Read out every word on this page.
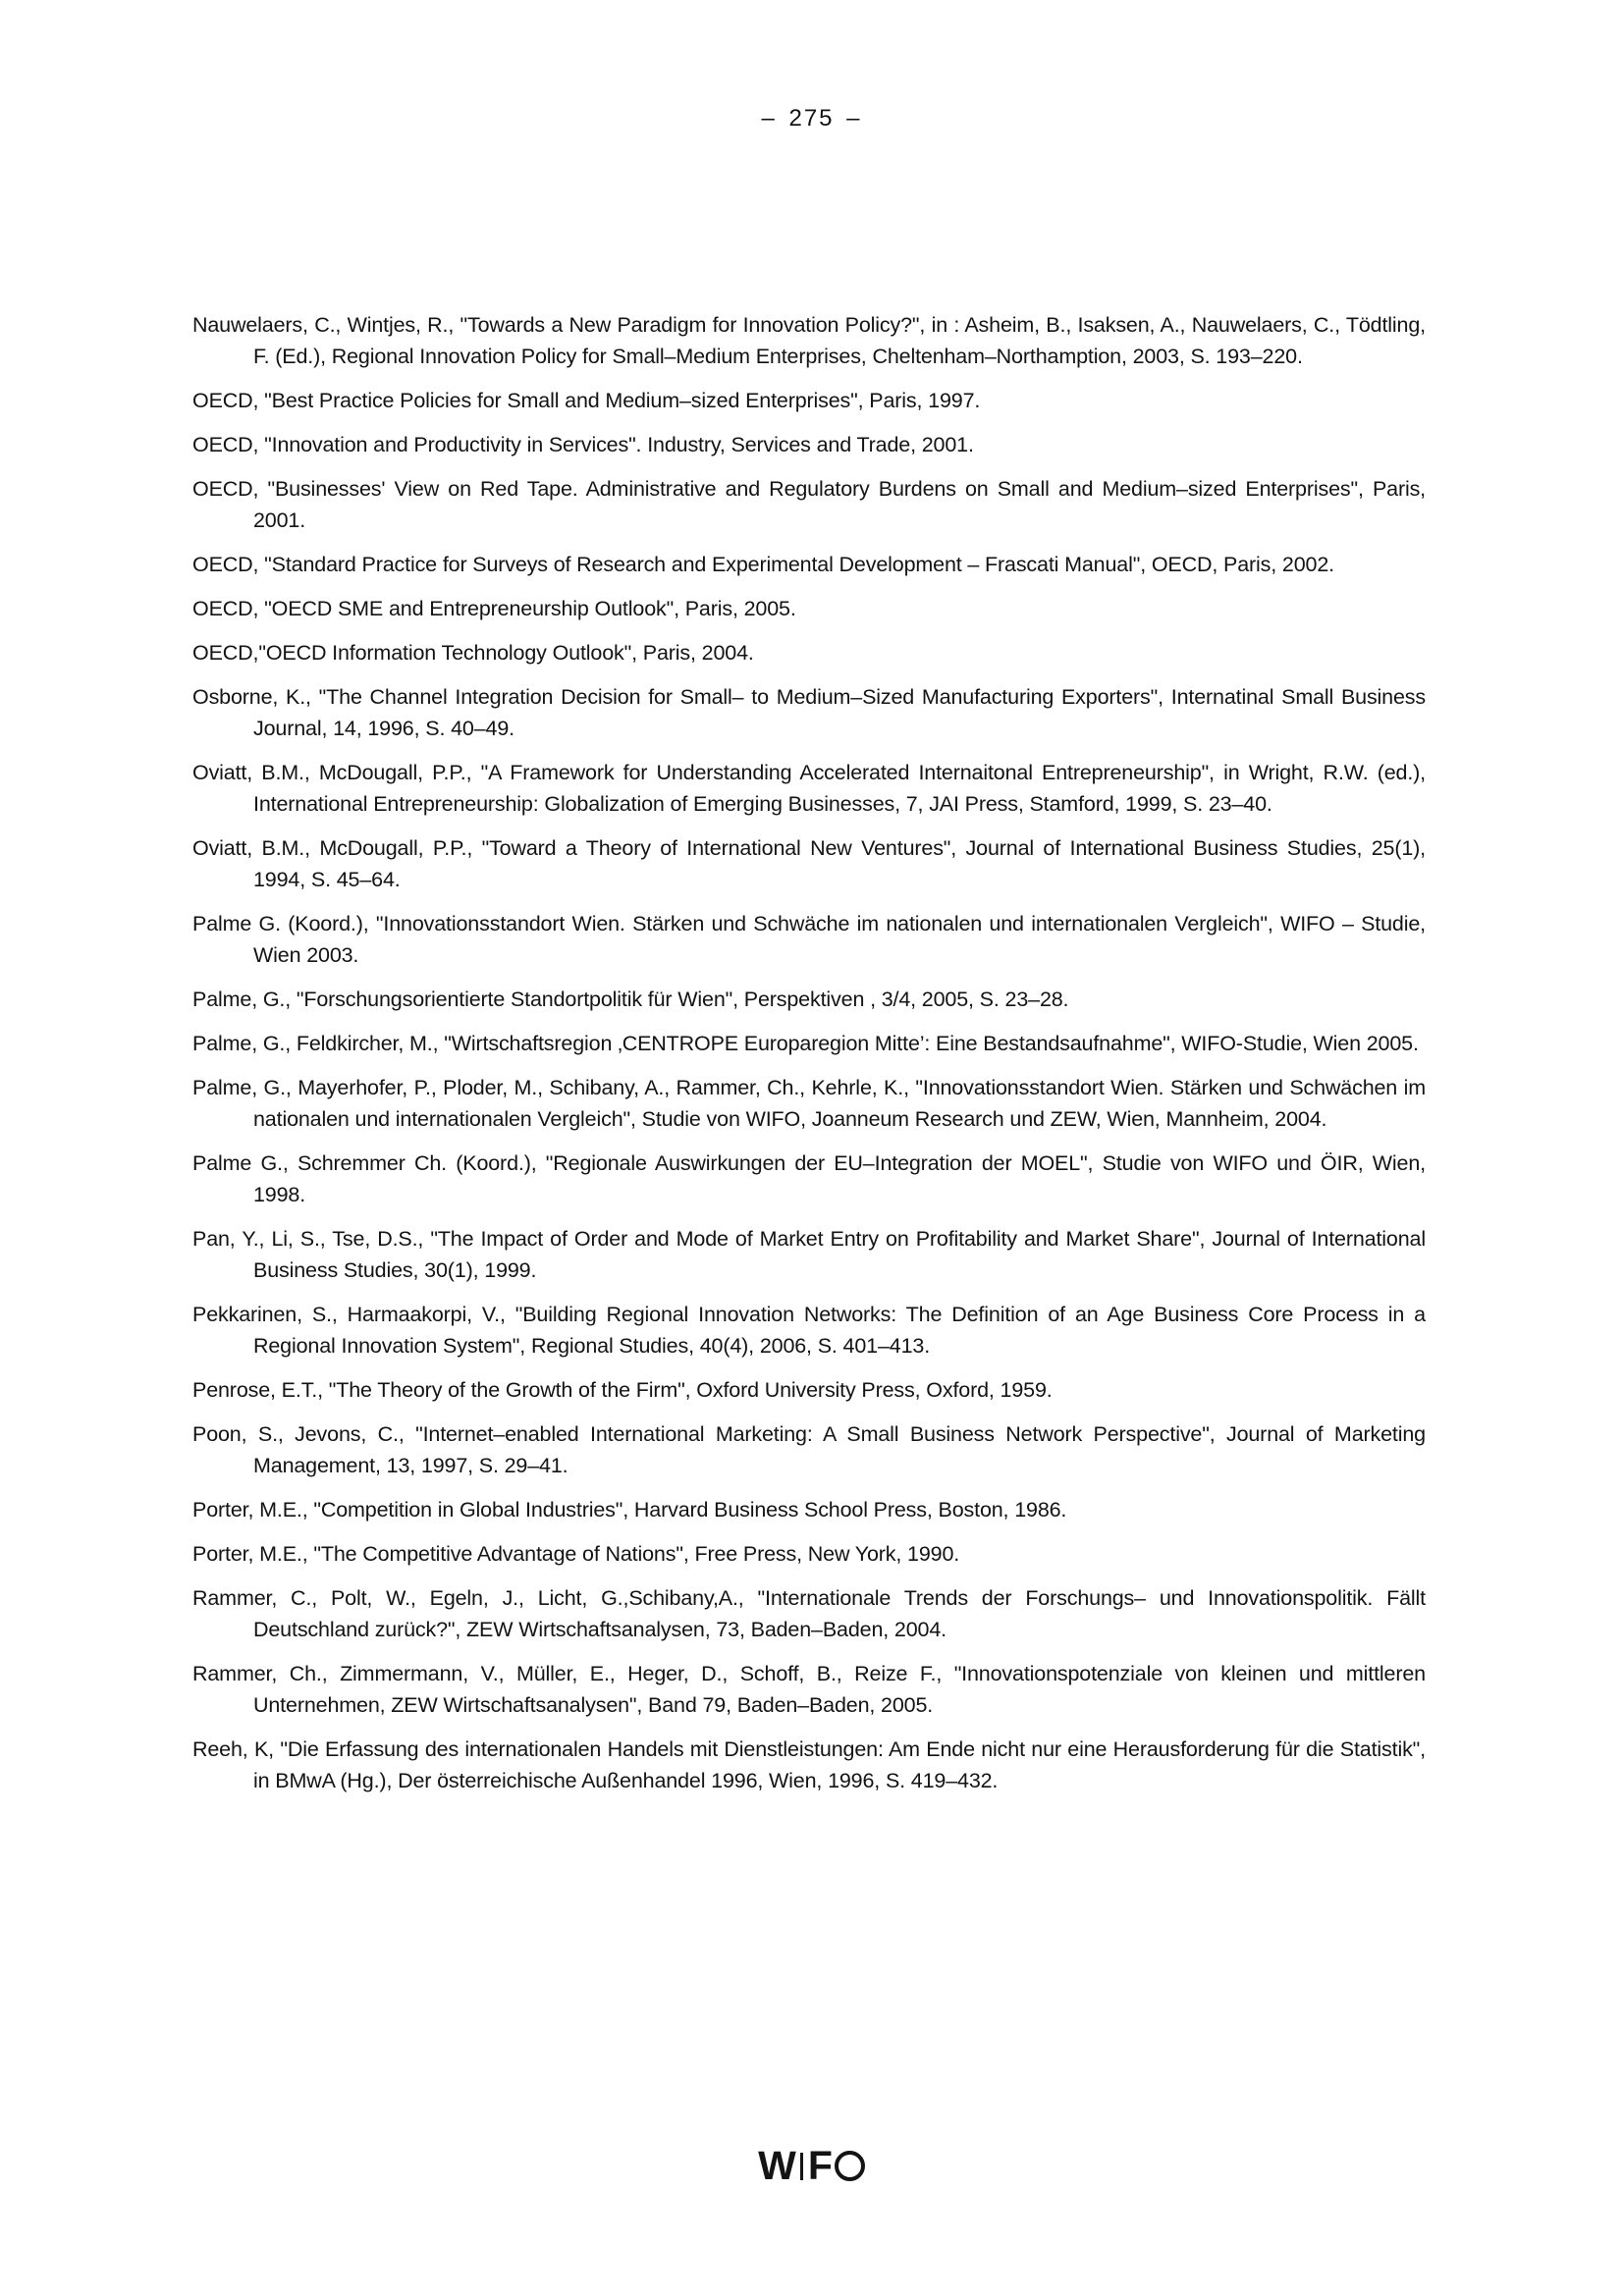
– 275 –

Nauwelaers, C., Wintjes, R., "Towards a New Paradigm for Innovation Policy?", in : Asheim, B., Isaksen, A., Nauwelaers, C., Tödtling, F. (Ed.), Regional Innovation Policy for Small–Medium Enterprises, Cheltenham–Northamption, 2003, S. 193–220.

OECD, "Best Practice Policies for Small and Medium–sized Enterprises", Paris, 1997.

OECD, "Innovation and Productivity in Services". Industry, Services and Trade, 2001.

OECD, "Businesses' View on Red Tape. Administrative and Regulatory Burdens on Small and Medium–sized Enterprises", Paris, 2001.

OECD, "Standard Practice for Surveys of Research and Experimental Development – Frascati Manual", OECD, Paris, 2002.

OECD, "OECD SME and Entrepreneurship Outlook", Paris, 2005.

OECD,"OECD Information Technology Outlook", Paris, 2004.

Osborne, K., "The Channel Integration Decision for Small– to Medium–Sized Manufacturing Exporters", Internatinal Small Business Journal, 14, 1996, S. 40–49.

Oviatt, B.M., McDougall, P.P., "A Framework for Understanding Accelerated Internaitonal Entrepreneurship", in Wright, R.W. (ed.), International Entrepreneurship: Globalization of Emerging Businesses, 7, JAI Press, Stamford, 1999, S. 23–40.

Oviatt, B.M., McDougall, P.P., "Toward a Theory of International New Ventures", Journal of International Business Studies, 25(1), 1994, S. 45–64.

Palme G. (Koord.), "Innovationsstandort Wien. Stärken und Schwäche im nationalen und internationalen Vergleich", WIFO – Studie, Wien 2003.

Palme, G., "Forschungsorientierte Standortpolitik für Wien", Perspektiven , 3/4, 2005, S. 23–28.

Palme, G., Feldkircher, M., "Wirtschaftsregion ‚CENTROPE Europaregion Mitte’: Eine Bestandsaufnahme", WIFO-Studie, Wien 2005.

Palme, G., Mayerhofer, P., Ploder, M., Schibany, A., Rammer, Ch., Kehrle, K., "Innovationsstandort Wien. Stärken und Schwächen im nationalen und internationalen Vergleich", Studie von WIFO, Joanneum Research und ZEW, Wien, Mannheim, 2004.

Palme G., Schremmer Ch. (Koord.), "Regionale Auswirkungen der EU–Integration der MOEL", Studie von WIFO und ÖIR, Wien, 1998.

Pan, Y., Li, S., Tse, D.S., "The Impact of Order and Mode of Market Entry on Profitability and Market Share", Journal of International Business Studies, 30(1), 1999.

Pekkarinen, S., Harmaakorpi, V., "Building Regional Innovation Networks: The Definition of an Age Business Core Process in a Regional Innovation System", Regional Studies, 40(4), 2006, S. 401–413.

Penrose, E.T., "The Theory of the Growth of the Firm", Oxford University Press, Oxford, 1959.

Poon, S., Jevons, C., "Internet–enabled International Marketing: A Small Business Network Perspective", Journal of Marketing Management, 13, 1997, S. 29–41.

Porter, M.E., "Competition in Global Industries", Harvard Business School Press, Boston, 1986.

Porter, M.E., "The Competitive Advantage of Nations", Free Press, New York, 1990.

Rammer, C., Polt, W., Egeln, J., Licht, G.,Schibany,A., "Internationale Trends der Forschungs– und Innovationspolitik. Fällt Deutschland zurück?", ZEW Wirtschaftsanalysen, 73, Baden–Baden, 2004.

Rammer, Ch., Zimmermann, V., Müller, E., Heger, D., Schoff, B., Reize F., "Innovationspotenziale von kleinen und mittleren Unternehmen, ZEW Wirtschaftsanalysen", Band 79, Baden–Baden, 2005.

Reeh, K, "Die Erfassung des internationalen Handels mit Dienstleistungen: Am Ende nicht nur eine Herausforderung für die Statistik", in BMwA (Hg.), Der österreichische Außenhandel 1996, Wien, 1996, S. 419–432.

W F
